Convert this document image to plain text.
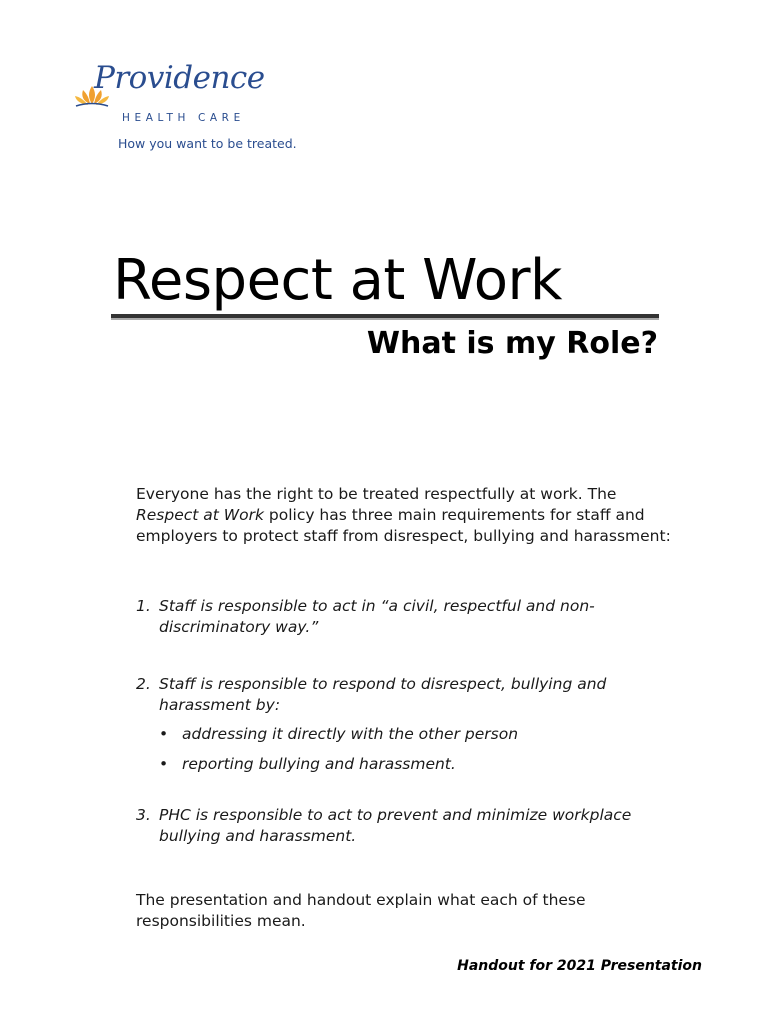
Providence
HEALTH CARE
How you want to be treated.
Respect at Work
What is my Role?

Everyone has the right to be treated respectfully at work. The Respect at Work policy has three main requirements for staff and employers to protect staff from disrespect, bullying and harassment:

1. Staff is responsible to act in “a civil, respectful and non-discriminatory way.”
2. Staff is responsible to respond to disrespect, bullying and harassment by:
• addressing it directly with the other person
• reporting bullying and harassment.
3. PHC is responsible to act to prevent and minimize workplace bullying and harassment.

The presentation and handout explain what each of these responsibilities mean.

Handout for 2021 Presentation
